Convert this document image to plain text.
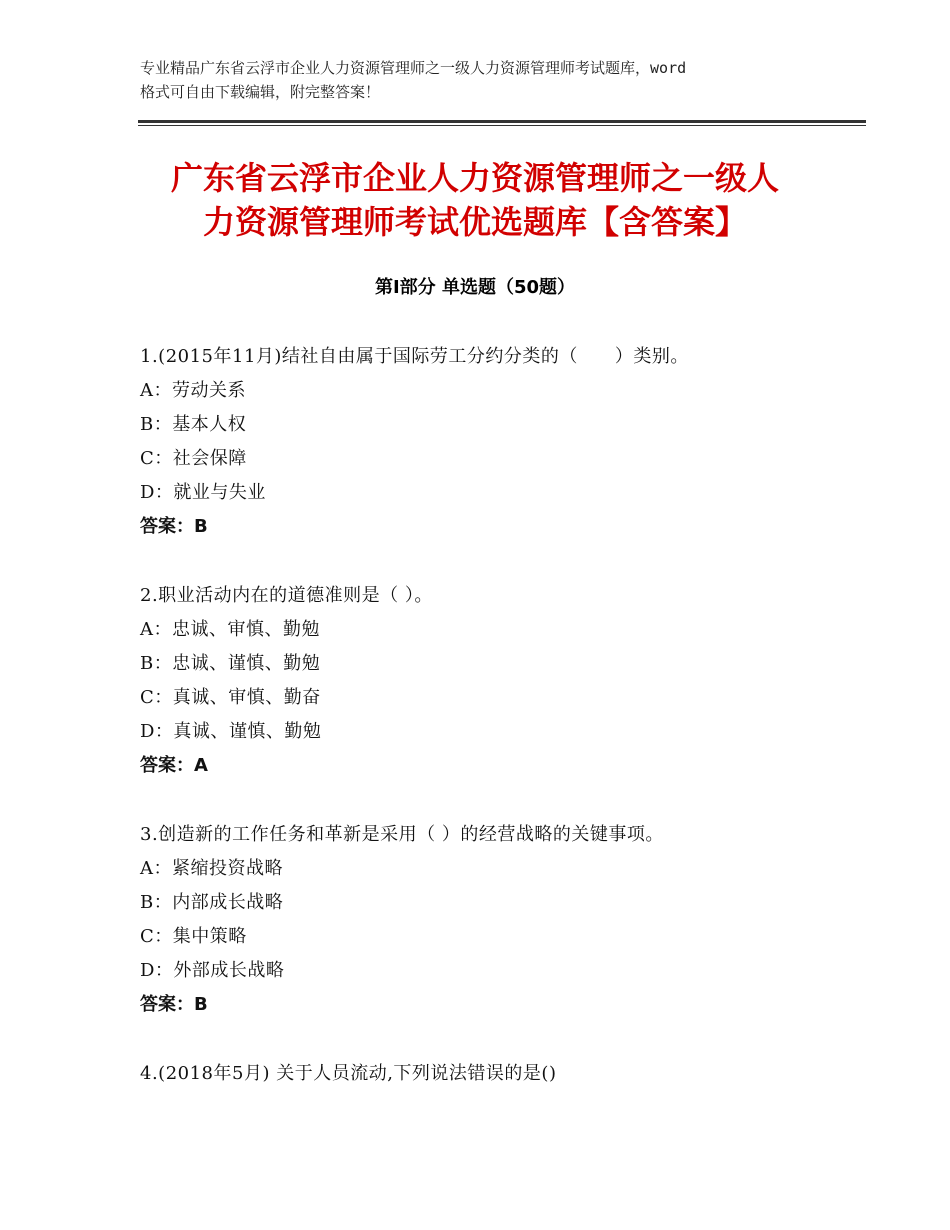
专业精品广东省云浮市企业人力资源管理师之一级人力资源管理师考试题库，word
格式可自由下载编辑，附完整答案！
广东省云浮市企业人力资源管理师之一级人
力资源管理师考试优选题库【含答案】
第Ⅰ部分 单选题（50题）
1.(2015年11月)结社自由属于国际劳工分约分类的（　　）类别。
A：劳动关系
B：基本人权
C：社会保障
D：就业与失业
答案：B
2.职业活动内在的道德准则是（ ）。
A：忠诚、审慎、勤勉
B：忠诚、谨慎、勤勉
C：真诚、审慎、勤奋
D：真诚、谨慎、勤勉
答案：A
3.创造新的工作任务和革新是采用（ ）的经营战略的关键事项。
A：紧缩投资战略
B：内部成长战略
C：集中策略
D：外部成长战略
答案：B
4.(2018年5月) 关于人员流动,下列说法错误的是()
